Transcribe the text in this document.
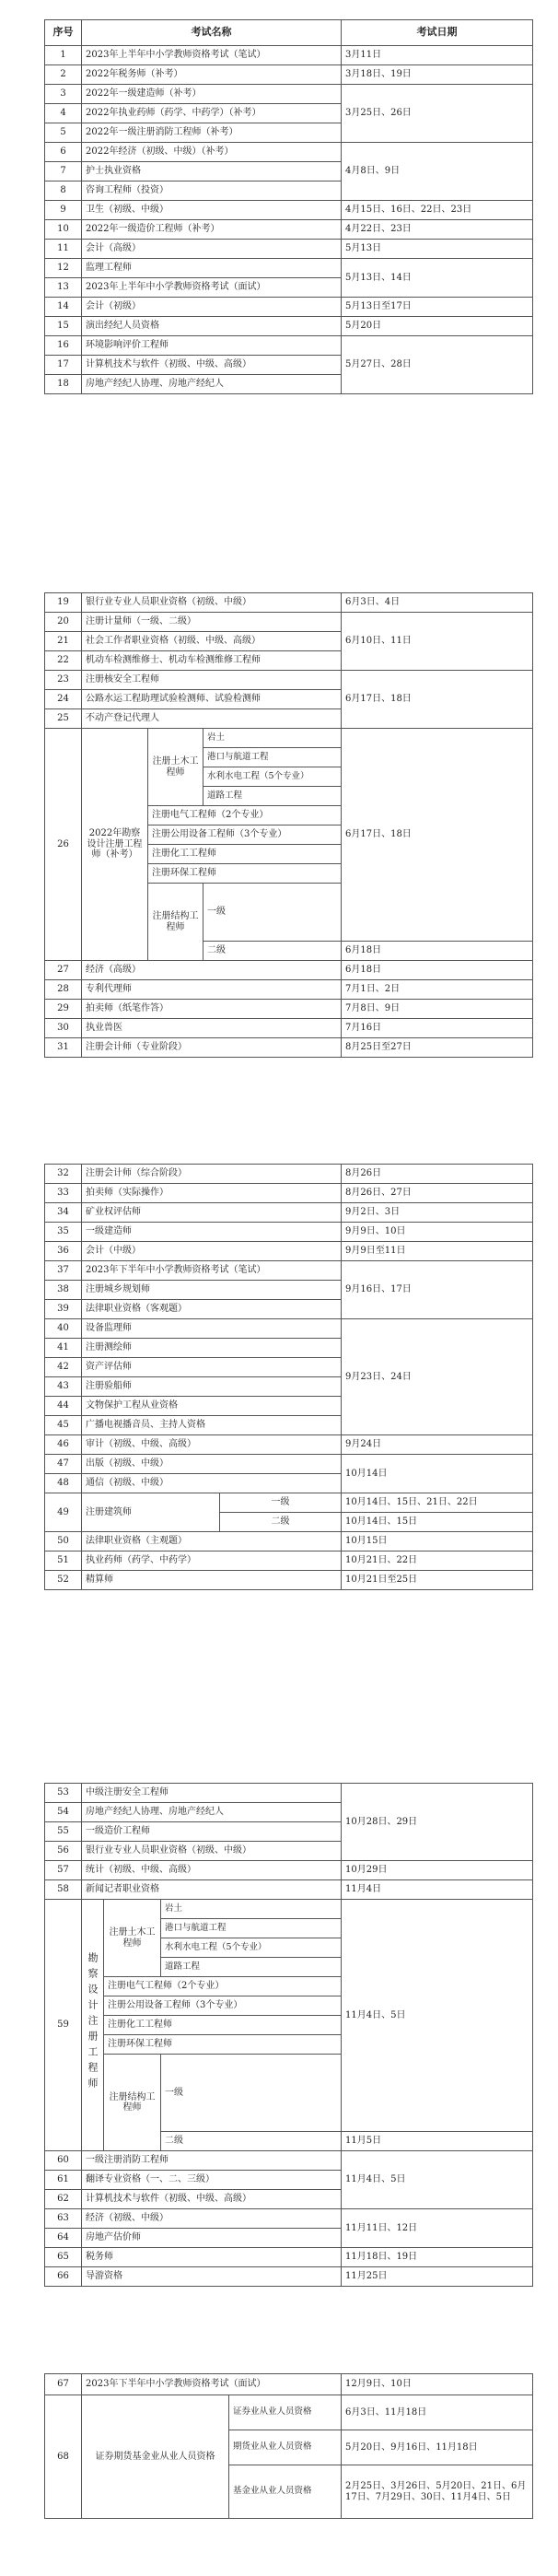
序号	考试名称	考试日期
1	2023年上半年中小学教师资格考试（笔试）	3月11日
2	2022年税务师（补考）	3月18日、19日
3	2022年一级建造师（补考）	3月25日、26日
4	2022年执业药师（药学、中药学）（补考）	
5	2022年一级注册消防工程师（补考）	
6	2022年经济（初级、中级）（补考）	4月8日、9日
7	护士执业资格	
8	咨询工程师（投资）	
9	卫生（初级、中级）	4月15日、16日、22日、23日
10	2022年一级造价工程师（补考）	4月22日、23日
11	会计（高级）	5月13日
12	监理工程师	5月13日、14日
13	2023年上半年中小学教师资格考试（面试）	
14	会计（初级）	5月13日至17日
15	演出经纪人员资格	5月20日
16	环境影响评价工程师	5月27日、28日
17	计算机技术与软件（初级、中级、高级）	
18	房地产经纪人协理、房地产经纪人	
19	银行业专业人员职业资格（初级、中级）			6月3日、4日
20	注册计量师（一级、二级）			6月10日、11日
21	社会工作者职业资格（初级、中级、高级）			
22	机动车检测维修士、机动车检测维修工程师			
23	注册核安全工程师			6月17日、18日
24	公路水运工程助理试验检测师、试验检测师			
25	不动产登记代理人			
26	2022年勘察设计注册工程师（补考）	注册土木工程师	岩土	6月17日、18日
			港口与航道工程	
			水利水电工程（5个专业）	
			道路工程	
		注册电气工程师（2个专业）		
		注册公用设备工程师（3个专业）		
		注册化工工程师		
		注册环保工程师		
		注册结构工程师	一级	

			二级	6月18日
27	经济（高级）			6月18日
28	专利代理师			7月1日、2日
29	拍卖师（纸笔作答）			7月8日、9日
30	执业兽医			7月16日
31	注册会计师（专业阶段）			8月25日至27日
32	注册会计师（综合阶段）		8月26日
33	拍卖师（实际操作）		8月26日、27日
34	矿业权评估师		9月2日、3日
35	一级建造师		9月9日、10日
36	会计（中级）		9月9日至11日
37	2023年下半年中小学教师资格考试（笔试）		9月16日、17日
38	注册城乡规划师		
39	法律职业资格（客观题）		
40	设备监理师		9月23日、24日
41	注册测绘师		
42	资产评估师		
43	注册验船师		
44	文物保护工程从业资格		
45	广播电视播音员、主持人资格		
46	审计（初级、中级、高级）		9月24日
47	出版（初级、中级）		10月14日
48	通信（初级、中级）		
49	注册建筑师	一级	10月14日、15日、21日、22日
		二级	10月14日、15日
50	法律职业资格（主观题）		10月15日
51	执业药师（药学、中药学）		10月21日、22日
52	精算师		10月21日至25日
53	中级注册安全工程师			10月28日、29日
54	房地产经纪人协理、房地产经纪人			
55	一级造价工程师			
56	银行业专业人员职业资格（初级、中级）			
57	统计（初级、中级、高级）			10月29日
58	新闻记者职业资格			11月4日
59	勘察设计注册工程师	注册土木工程师	岩土	11月4日、5日
			港口与航道工程	
			水利水电工程（5个专业）	
			道路工程	
		注册电气工程师（2个专业）		
		注册公用设备工程师（3个专业）		
		注册化工工程师		
		注册环保工程师		
		注册结构工程师	一级	

			二级	11月5日
60	一级注册消防工程师			11月4日、5日
61	翻译专业资格（一、二、三级）			
62	计算机技术与软件（初级、中级、高级）			
63	经济（初级、中级）			11月11日、12日
64	房地产估价师			
65	税务师			11月18日、19日
66	导游资格			11月25日
67	2023年下半年中小学教师资格考试（面试）		12月9日、10日
68	证券期货基金业从业人员资格	证券业从业人员资格	6月3日、11月18日
		期货业从业人员资格	5月20日、9月16日、11月18日
		基金业从业人员资格	2月25日、3月26日、5月20日、21日、6月17日、7月29日、30日、11月4日、5日
